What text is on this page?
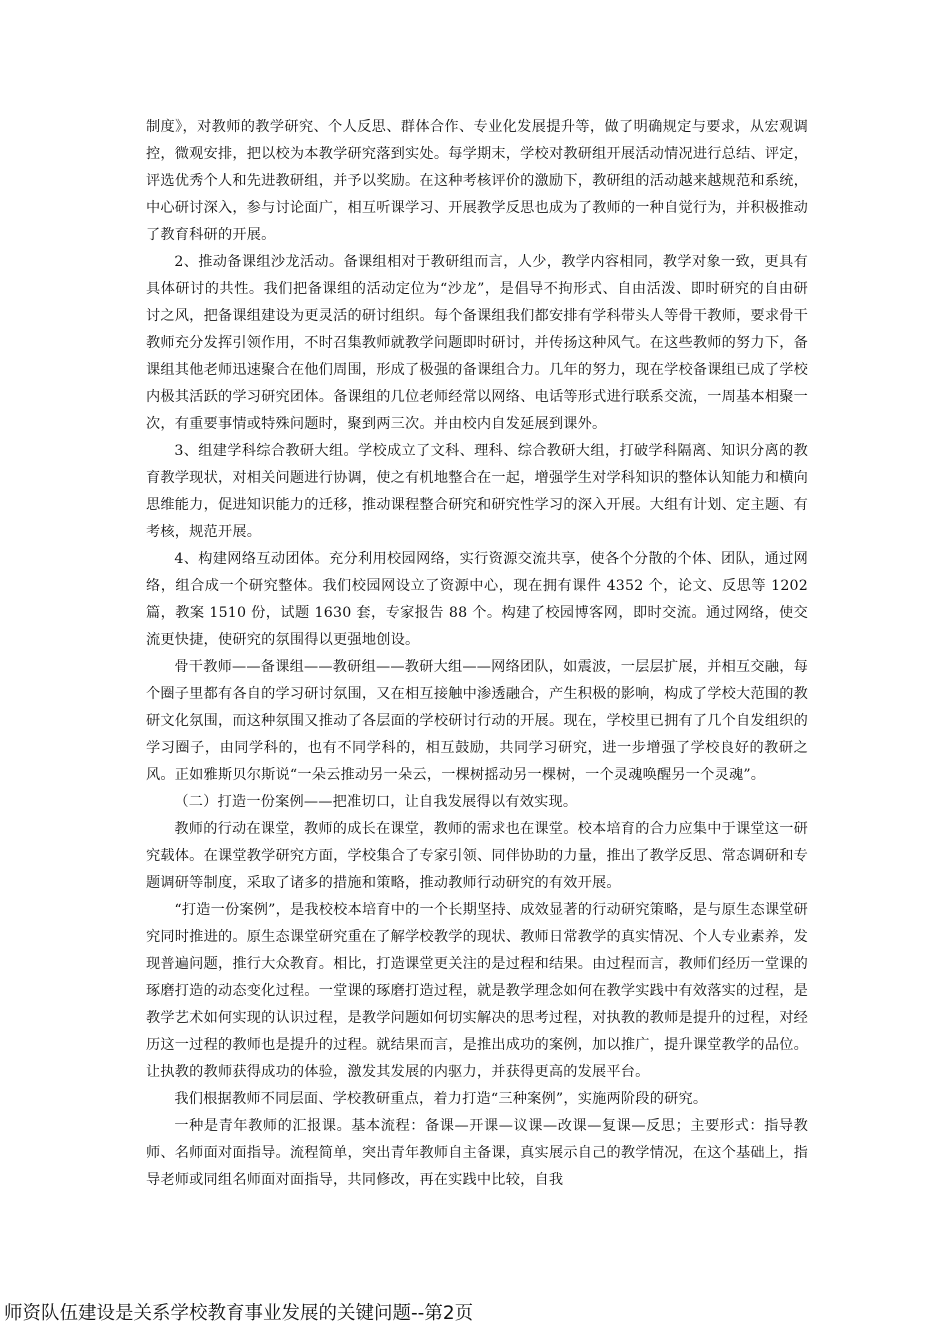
制度》，对教师的教学研究、个人反思、群体合作、专业化发展提升等，做了明确规定与要求，从宏观调控，微观安排，把以校为本教学研究落到实处。每学期末，学校对教研组开展活动情况进行总结、评定，评选优秀个人和先进教研组，并予以奖励。在这种考核评价的激励下，教研组的活动越来越规范和系统，中心研讨深入，参与讨论面广，相互听课学习、开展教学反思也成为了教师的一种自觉行为，并积极推动了教育科研的开展。

2、推动备课组沙龙活动。备课组相对于教研组而言，人少，教学内容相同，教学对象一致，更具有具体研讨的共性。我们把备课组的活动定位为“沙龙”，是倡导不拘形式、自由活泼、即时研究的自由研讨之风，把备课组建设为更灵活的研讨组织。每个备课组我们都安排有学科带头人等骨干教师，要求骨干教师充分发挥引领作用，不时召集教师就教学问题即时研讨，并传扬这种风气。在这些教师的努力下，备课组其他老师迅速聚合在他们周围，形成了极强的备课组合力。几年的努力，现在学校备课组已成了学校内极其活跃的学习研究团体。备课组的几位老师经常以网络、电话等形式进行联系交流，一周基本相聚一次，有重要事情或特殊问题时，聚到两三次。并由校内自发延展到课外。

3、组建学科综合教研大组。学校成立了文科、理科、综合教研大组，打破学科隔离、知识分离的教育教学现状，对相关问题进行协调，使之有机地整合在一起，增强学生对学科知识的整体认知能力和横向思维能力，促进知识能力的迁移，推动课程整合研究和研究性学习的深入开展。大组有计划、定主题、有考核，规范开展。

4、构建网络互动团体。充分利用校园网络，实行资源交流共享，使各个分散的个体、团队，通过网络，组合成一个研究整体。我们校园网设立了资源中心，现在拥有课件 4352 个，论文、反思等 1202 篇，教案 1510 份，试题 1630 套，专家报告 88 个。构建了校园博客网，即时交流。通过网络，使交流更快捷，使研究的氛围得以更强地创设。

骨干教师——备课组——教研组——教研大组——网络团队，如震波，一层层扩展，并相互交融，每个圈子里都有各自的学习研讨氛围，又在相互接触中渗透融合，产生积极的影响，构成了学校大范围的教研文化氛围，而这种氛围又推动了各层面的学校研讨行动的开展。现在，学校里已拥有了几个自发组织的学习圈子，由同学科的，也有不同学科的，相互鼓励，共同学习研究，进一步增强了学校良好的教研之风。正如雅斯贝尔斯说“一朵云推动另一朵云，一棵树摇动另一棵树，一个灵魂唤醒另一个灵魂”。

（二）打造一份案例——把准切口，让自我发展得以有效实现。

教师的行动在课堂，教师的成长在课堂，教师的需求也在课堂。校本培育的合力应集中于课堂这一研究载体。在课堂教学研究方面，学校集合了专家引领、同伴协助的力量，推出了教学反思、常态调研和专题调研等制度，采取了诸多的措施和策略，推动教师行动研究的有效开展。

“打造一份案例”，是我校校本培育中的一个长期坚持、成效显著的行动研究策略，是与原生态课堂研究同时推进的。原生态课堂研究重在了解学校教学的现状、教师日常教学的真实情况、个人专业素养，发现普遍问题，推行大众教育。相比，打造课堂更关注的是过程和结果。由过程而言，教师们经历一堂课的琢磨打造的动态变化过程。一堂课的琢磨打造过程，就是教学理念如何在教学实践中有效落实的过程，是教学艺术如何实现的认识过程，是教学问题如何切实解决的思考过程，对执教的教师是提升的过程，对经历这一过程的教师也是提升的过程。就结果而言，是推出成功的案例，加以推广，提升课堂教学的品位。让执教的教师获得成功的体验，激发其发展的内驱力，并获得更高的发展平台。

我们根据教师不同层面、学校教研重点，着力打造“三种案例”，实施两阶段的研究。

一种是青年教师的汇报课。基本流程：备课—开课—议课—改课—复课—反思；主要形式：指导教师、名师面对面指导。流程简单，突出青年教师自主备课，真实展示自己的教学情况，在这个基础上，指导老师或同组名师面对面指导，共同修改，再在实践中比较，自我

师资队伍建设是关系学校教育事业发展的关键问题--第2页
